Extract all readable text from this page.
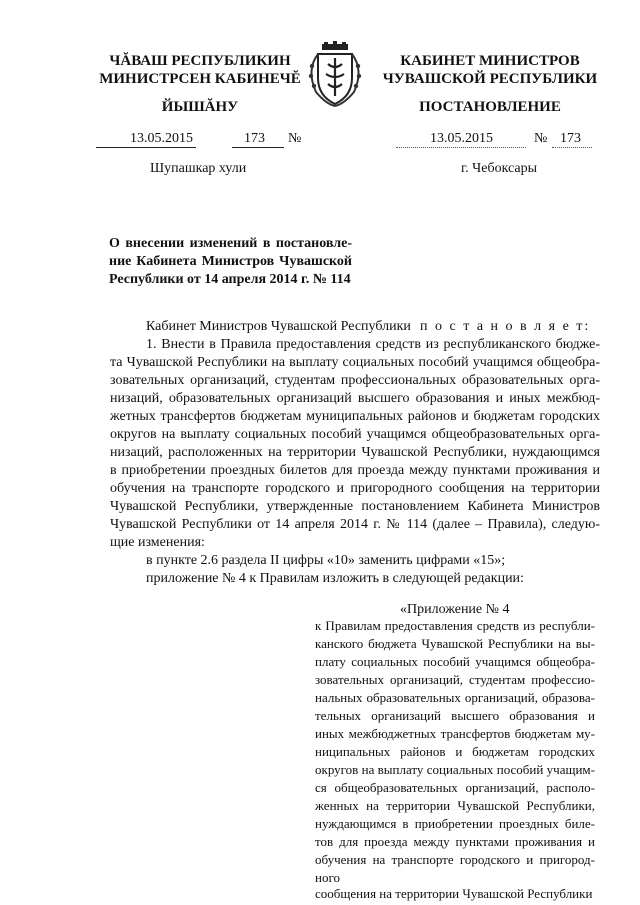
ЧĂВАШ РЕСПУБЛИКИН
МИНИСТРСЕН КАБИНЕЧĔ
ЙЫШĂНУ
КАБИНЕТ МИНИСТРОВ
ЧУВАШСКОЙ РЕСПУБЛИКИ
ПОСТАНОВЛЕНИЕ
13.05.2015	173 №	13.05.2015	№ 173
Шупашкар хули	г. Чебоксары
О внесении изменений в постановле-
ние Кабинета Министров Чувашской
Республики от 14 апреля 2014 г. № 114
Кабинет Министров Чувашской Республики п о с т а н о в л я е т:
1. Внести в Правила предоставления средств из республиканского бюдже-
та Чувашской Республики на выплату социальных пособий учащимся общеобра-
зовательных организаций, студентам профессиональных образовательных орга-
низаций, образовательных организаций высшего образования и иных межбюд-
жетных трансфертов бюджетам муниципальных районов и бюджетам городских
округов на выплату социальных пособий учащимся общеобразовательных орга-
низаций, расположенных на территории Чувашской Республики, нуждающимся
в приобретении проездных билетов для проезда между пунктами проживания и
обучения на транспорте городского и пригородного сообщения на территории
Чувашской Республики, утвержденные постановлением Кабинета Министров
Чувашской Республики от 14 апреля 2014 г. № 114 (далее – Правила), следую-
щие изменения:
в пункте 2.6 раздела II цифры «10» заменить цифрами «15»;
приложение № 4 к Правилам изложить в следующей редакции:
«Приложение № 4
к Правилам предоставления средств из республи-
канского бюджета Чувашской Республики на вы-
плату социальных пособий учащимся общеобра-
зовательных организаций, студентам профессио-
нальных образовательных организаций, образова-
тельных организаций высшего образования и
иных межбюджетных трансфертов бюджетам му-
ниципальных районов и бюджетам городских
округов на выплату социальных пособий учащим-
ся общеобразовательных организаций, располо-
женных на территории Чувашской Республики,
нуждающимся в приобретении проездных биле-
тов для проезда между пунктами проживания и
обучения на транспорте городского и пригород-
ного
сообщения на территории Чувашской Республики
